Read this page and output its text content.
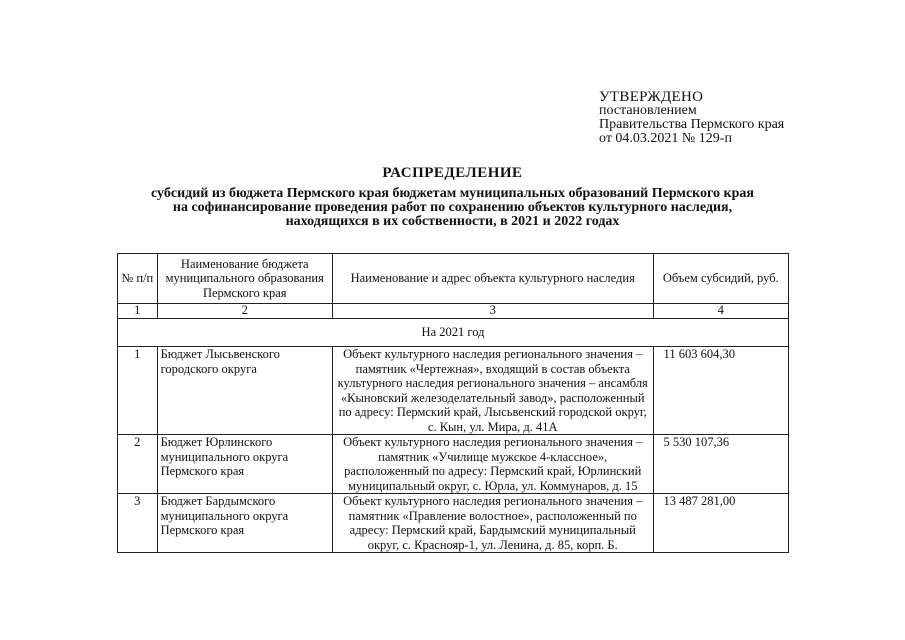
УТВЕРЖДЕНО
постановлением
Правительства Пермского края
от 04.03.2021 № 129-п
РАСПРЕДЕЛЕНИЕ
субсидий из бюджета Пермского края бюджетам муниципальных образований Пермского края
на софинансирование проведения работ по сохранению объектов культурного наследия,
находящихся в их собственности, в 2021 и 2022 годах
№ п/п	Наименование бюджета муниципального образования Пермского края	Наименование и адрес объекта культурного наследия	Объем субсидий, руб.
1	2	3	4
На 2021 год			
1	Бюджет Лысьвенского городского округа	Объект культурного наследия регионального значения – памятник «Чертежная», входящий в состав объекта культурного наследия регионального значения – ансамбля «Кыновский железоделательный завод», расположенный по адресу: Пермский край, Лысьвенский городской округ, с. Кын, ул. Мира, д. 41А	11 603 604,30
2	Бюджет Юрлинского муниципального округа Пермского края	Объект культурного наследия регионального значения – памятник «Училище мужское 4-классное», расположенный по адресу: Пермский край, Юрлинский муниципальный округ, с. Юрла, ул. Коммунаров, д. 15	5 530 107,36
3	Бюджет Бардымского муниципального округа Пермского края	Объект культурного наследия регионального значения – памятник «Правление волостное», расположенный по адресу: Пермский край, Бардымский муниципальный округ, с. Краснояр-1, ул. Ленина, д. 85, корп. Б.	13 487 281,00
